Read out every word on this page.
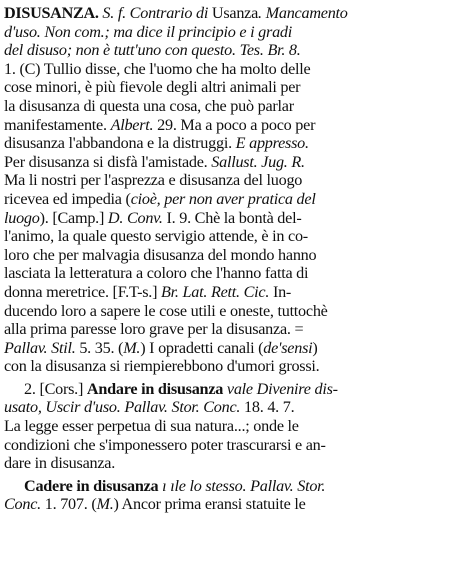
DISUSANZA. S. f. Contrario di Usanza. Mancamento
d'uso. Non com.; ma dice il principio e i gradi
del disuso; non è tutt'uno con questo. Tes. Br. 8.
1. (C) Tullio disse, che l'uomo che ha molto delle
cose minori, è più fievole degli altri animali per
la disusanza di questa una cosa, che può parlar
manifestamente. Albert. 29. Ma a poco a poco per
disusanza l'abbandona e la distruggi. E appresso.
Per disusanza si disfà l'amistade. Sallust. Jug. R.
Ma li nostri per l'asprezza e disusanza del luogo
ricevea ed impedia (cioè, per non aver pratica del
luogo). [Camp.] D. Conv. I. 9. Chè la bontà del-
l'animo, la quale questo servigio attende, è in co-
loro che per malvagia disusanza del mondo hanno
lasciata la letteratura a coloro che l'hanno fatta di
donna meretrice. [F.T-s.] Br. Lat. Rett. Cic. In-
ducendo loro a sapere le cose utili e oneste, tuttochè
alla prima paresse loro grave per la disusanza. =
Pallav. Stil. 5. 35. (M.) I opradetti canali (de'sensi)
con la disusanza si riempierebbono d'umori grossi.
2. [Cors.] Andare in disusanza vale Divenire dis-
usato, Uscir d'uso. Pallav. Stor. Conc. 18. 4. 7.
La legge esser perpetua di sua natura...; onde le
condizioni che s'imponessero poter trascurarsi e an-
dare in disusanza.
Cadere in disusanza ı ıle lo stesso. Pallav. Stor.
Conc. 1. 707. (M.) Ancor prima eransi statuite le
